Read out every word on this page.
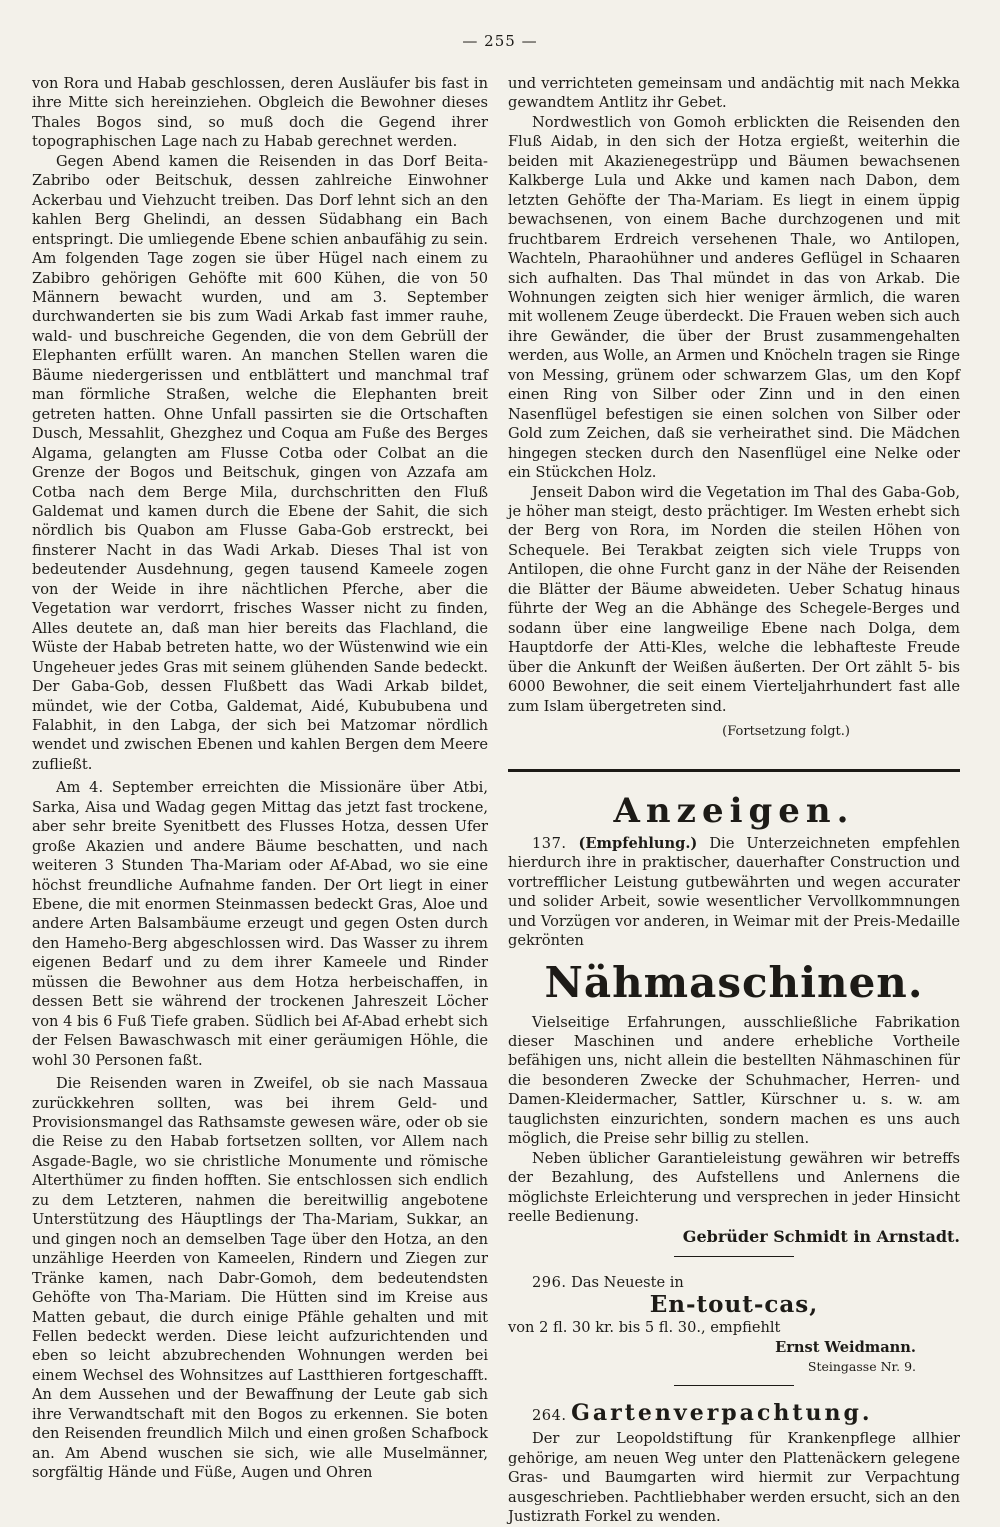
— 255 —

von Rora und Habab geschlossen, deren Ausläufer bis fast in ihre Mitte sich hereinziehen. Obgleich die Bewohner dieses Thales Bogos sind, so muß doch die Gegend ihrer topographischen Lage nach zu Habab gerechnet werden.

Gegen Abend kamen die Reisenden in das Dorf Beita-Zabribo oder Beitschuk, dessen zahlreiche Einwohner Ackerbau und Viehzucht treiben. Das Dorf lehnt sich an den kahlen Berg Ghelindi, an dessen Südabhang ein Bach entspringt. Die umliegende Ebene schien anbaufähig zu sein. Am folgenden Tage zogen sie über Hügel nach einem zu Zabibro gehörigen Gehöfte mit 600 Kühen, die von 50 Männern bewacht wurden, und am 3. September durchwanderten sie bis zum Wadi Arkab fast immer rauhe, wald- und buschreiche Gegenden, die von dem Gebrüll der Elephanten erfüllt waren. An manchen Stellen waren die Bäume niedergerissen und entblättert und manchmal traf man förmliche Straßen, welche die Elephanten breit getreten hatten. Ohne Unfall passirten sie die Ortschaften Dusch, Messahlit, Ghezghez und Coqua am Fuße des Berges Algama, gelangten am Flusse Cotba oder Colbat an die Grenze der Bogos und Beitschuk, gingen von Azzafa am Cotba nach dem Berge Mila, durchschritten den Fluß Galdemat und kamen durch die Ebene der Sahit, die sich nördlich bis Quabon am Flusse Gaba-Gob erstreckt, bei finsterer Nacht in das Wadi Arkab. Dieses Thal ist von bedeutender Ausdehnung, gegen tausend Kameele zogen von der Weide in ihre nächtlichen Pferche, aber die Vegetation war verdorrt, frisches Wasser nicht zu finden, Alles deutete an, daß man hier bereits das Flachland, die Wüste der Habab betreten hatte, wo der Wüstenwind wie ein Ungeheuer jedes Gras mit seinem glühenden Sande bedeckt. Der Gaba-Gob, dessen Flußbett das Wadi Arkab bildet, mündet, wie der Cotba, Galdemat, Aidé, Kubububena und Falabhit, in den Labga, der sich bei Matzomar nördlich wendet und zwischen Ebenen und kahlen Bergen dem Meere zufließt.

Am 4. September erreichten die Missionäre über Atbi, Sarka, Aisa und Wadag gegen Mittag das jetzt fast trockene, aber sehr breite Syenitbett des Flusses Hotza, dessen Ufer große Akazien und andere Bäume beschatten, und nach weiteren 3 Stunden Tha-Mariam oder Af-Abad, wo sie eine höchst freundliche Aufnahme fanden. Der Ort liegt in einer Ebene, die mit enormen Steinmassen bedeckt Gras, Aloe und andere Arten Balsambäume erzeugt und gegen Osten durch den Hameho-Berg abgeschlossen wird. Das Wasser zu ihrem eigenen Bedarf und zu dem ihrer Kameele und Rinder müssen die Bewohner aus dem Hotza herbeischaffen, in dessen Bett sie während der trockenen Jahreszeit Löcher von 4 bis 6 Fuß Tiefe graben. Südlich bei Af-Abad erhebt sich der Felsen Bawaschwasch mit einer geräumigen Höhle, die wohl 30 Personen faßt.

Die Reisenden waren in Zweifel, ob sie nach Massaua zurückkehren sollten, was bei ihrem Geld- und Provisionsmangel das Rathsamste gewesen wäre, oder ob sie die Reise zu den Habab fortsetzen sollten, vor Allem nach Asgade-Bagle, wo sie christliche Monumente und römische Alterthümer zu finden hofften. Sie entschlossen sich endlich zu dem Letzteren, nahmen die bereitwillig angebotene Unterstützung des Häuptlings der Tha-Mariam, Sukkar, an und gingen noch an demselben Tage über den Hotza, an den unzählige Heerden von Kameelen, Rindern und Ziegen zur Tränke kamen, nach Dabr-Gomoh, dem bedeutendsten Gehöfte von Tha-Mariam. Die Hütten sind im Kreise aus Matten gebaut, die durch einige Pfähle gehalten und mit Fellen bedeckt werden. Diese leicht aufzurichtenden und eben so leicht abzubrechenden Wohnungen werden bei einem Wechsel des Wohnsitzes auf Lastthieren fortgeschafft. An dem Aussehen und der Bewaffnung der Leute gab sich ihre Verwandtschaft mit den Bogos zu erkennen. Sie boten den Reisenden freundlich Milch und einen großen Schafbock an. Am Abend wuschen sie sich, wie alle Muselmänner, sorgfältig Hände und Füße, Augen und Ohren

und verrichteten gemeinsam und andächtig mit nach Mekka gewandtem Antlitz ihr Gebet.

Nordwestlich von Gomoh erblickten die Reisenden den Fluß Aidab, in den sich der Hotza ergießt, weiterhin die beiden mit Akazienegestrüpp und Bäumen bewachsenen Kalkberge Lula und Akke und kamen nach Dabon, dem letzten Gehöfte der Tha-Mariam. Es liegt in einem üppig bewachsenen, von einem Bache durchzogenen und mit fruchtbarem Erdreich versehenen Thale, wo Antilopen, Wachteln, Pharaohühner und anderes Geflügel in Schaaren sich aufhalten. Das Thal mündet in das von Arkab. Die Wohnungen zeigten sich hier weniger ärmlich, die waren mit wollenem Zeuge überdeckt. Die Frauen weben sich auch ihre Gewänder, die über der Brust zusammengehalten werden, aus Wolle, an Armen und Knöcheln tragen sie Ringe von Messing, grünem oder schwarzem Glas, um den Kopf einen Ring von Silber oder Zinn und in den einen Nasenflügel befestigen sie einen solchen von Silber oder Gold zum Zeichen, daß sie verheirathet sind. Die Mädchen hingegen stecken durch den Nasenflügel eine Nelke oder ein Stückchen Holz.

Jenseit Dabon wird die Vegetation im Thal des Gaba-Gob, je höher man steigt, desto prächtiger. Im Westen erhebt sich der Berg von Rora, im Norden die steilen Höhen von Schequele. Bei Terakbat zeigten sich viele Trupps von Antilopen, die ohne Furcht ganz in der Nähe der Reisenden die Blätter der Bäume abweideten. Ueber Schatug hinaus führte der Weg an die Abhänge des Schegele-Berges und sodann über eine langweilige Ebene nach Dolga, dem Hauptdorfe der Atti-Kles, welche die lebhafteste Freude über die Ankunft der Weißen äußerten. Der Ort zählt 5- bis 6000 Bewohner, die seit einem Vierteljahrhundert fast alle zum Islam übergetreten sind.

(Fortsetzung folgt.)
Anzeigen.

137. (Empfehlung.) Die Unterzeichneten empfehlen hierdurch ihre in praktischer, dauerhafter Construction und vortrefflicher Leistung gutbewährten und wegen accurater und solider Arbeit, sowie wesentlicher Vervollkommnungen und Vorzügen vor anderen, in Weimar mit der Preis-Medaille gekrönten

Nähmaschinen.

Vielseitige Erfahrungen, ausschließliche Fabrikation dieser Maschinen und andere erhebliche Vortheile befähigen uns, nicht allein die bestellten Nähmaschinen für die besonderen Zwecke der Schuhmacher, Herren- und Damen-Kleidermacher, Sattler, Kürschner u. s. w. am tauglichsten einzurichten, sondern machen es uns auch möglich, die Preise sehr billig zu stellen.

Neben üblicher Garantieleistung gewähren wir betreffs der Bezahlung, des Aufstellens und Anlernens die möglichste Erleichterung und versprechen in jeder Hinsicht reelle Bedienung.

Gebrüder Schmidt in Arnstadt.

296. Das Neueste in

En-tout-cas,

von 2 fl. 30 kr. bis 5 fl. 30., empfiehlt

Ernst Weidmann.
Steingasse Nr. 9.

264. Gartenverpachtung.

Der zur Leopoldstiftung für Krankenpflege allhier gehörige, am neuen Weg unter den Plattenäckern gelegene Gras- und Baumgarten wird hiermit zur Verpachtung ausgeschrieben. Pachtliebhaber werden ersucht, sich an den Justizrath Forkel zu wenden.
